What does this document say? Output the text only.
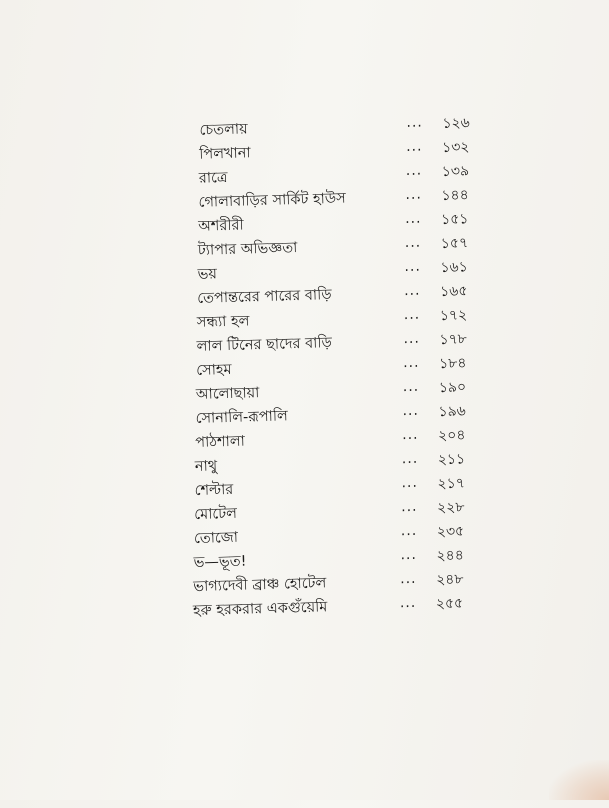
চেতলায়	... ১২৬
পিলখানা	... ১৩২
রাত্রে	... ১৩৯
গোলাবাড়ির সার্কিট হাউস	... ১৪৪
অশরীরী	... ১৫১
ট্যাপার অভিজ্ঞতা	... ১৫৭
ভয়	... ১৬১
তেপান্তরের পারের বাড়ি	... ১৬৫
সন্ধ্যা হল	... ১৭২
লাল টিনের ছাদের বাড়ি	... ১৭৮
সোহম	... ১৮৪
আলোছায়া	... ১৯০
সোনালি-রূপালি	... ১৯৬
পাঠশালা	... ২০৪
নাথু	... ২১১
শেল্টার	... ২১৭
মোটেল	... ২২৮
তোজো	... ২৩৫
ভ—ভূত!	... ২৪৪
ভাগ্যদেবী ব্রাঞ্চ হোটেল	... ২৪৮
হরু হরকরার একগুঁয়েমি	... ২৫৫
